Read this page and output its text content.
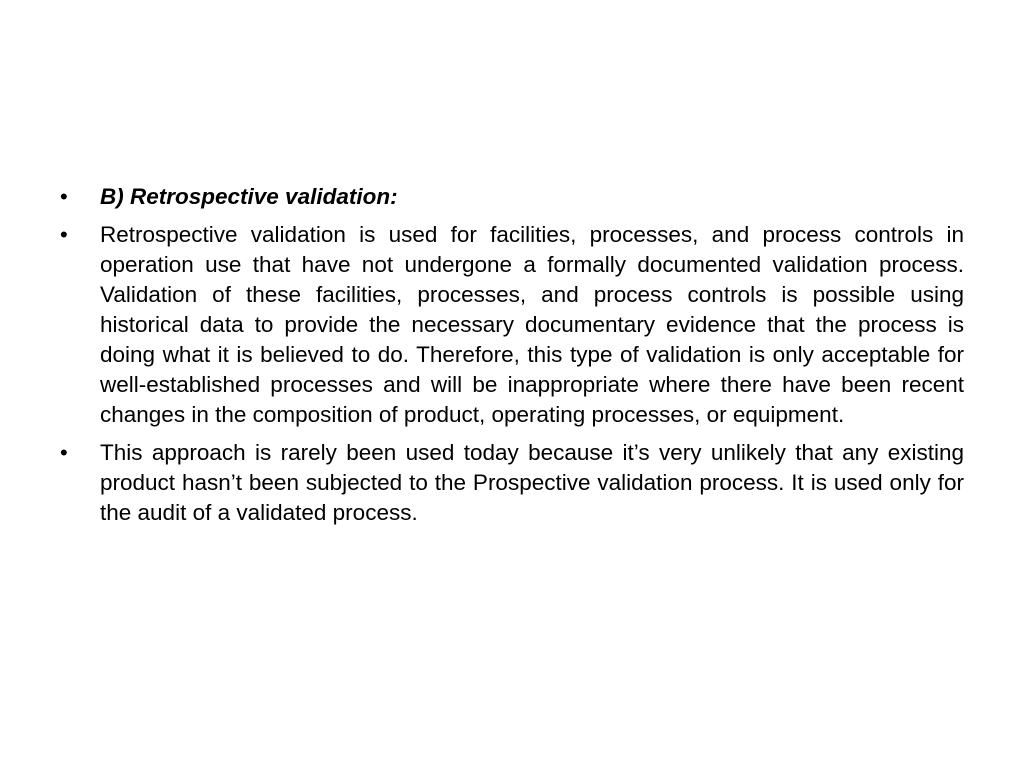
•	B) Retrospective validation:
•	Retrospective validation is used for facilities, processes, and process controls in operation use that have not undergone a formally documented validation process. Validation of these facilities, processes, and process controls is possible using historical data to provide the necessary documentary evidence that the process is doing what it is believed to do. Therefore, this type of validation is only acceptable for well-established processes and will be inappropriate where there have been recent changes in the composition of product, operating processes, or equipment.
•	This approach is rarely been used today because it’s very unlikely that any existing product hasn’t been subjected to the Prospective validation process. It is used only for the audit of a validated process.
